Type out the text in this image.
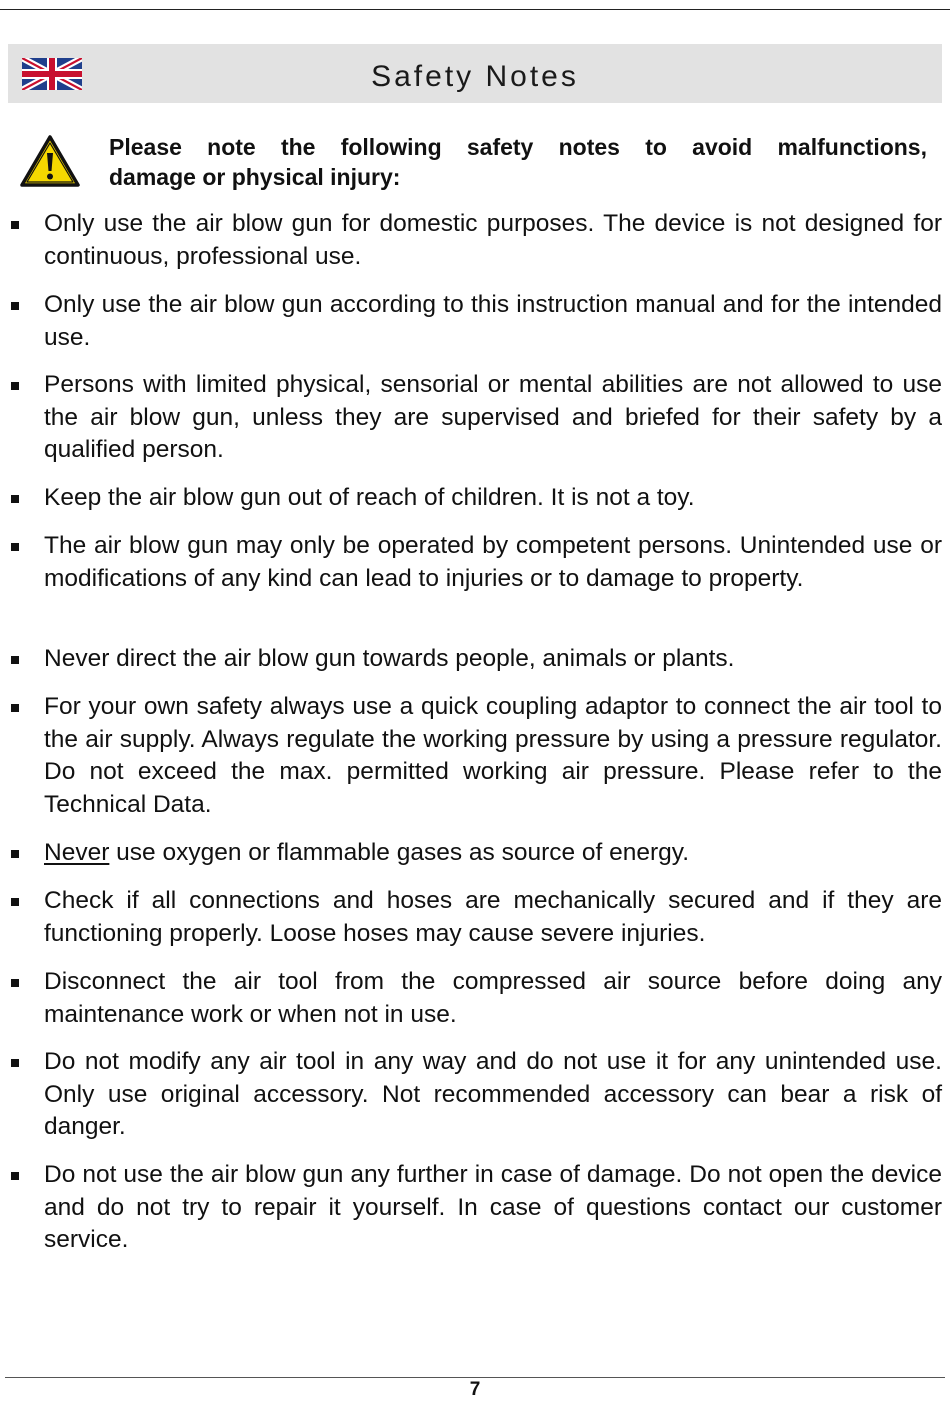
Safety Notes
Please note the following safety notes to avoid malfunctions,
damage or physical injury:
Only use the air blow gun for domestic purposes. The device is not designed for continuous, professional use.
Only use the air blow gun according to this instruction manual and for the intended use.
Persons with limited physical, sensorial or mental abilities are not allowed to use the air blow gun, unless they are supervised and briefed for their safety by a qualified person.
Keep the air blow gun out of reach of children. It is not a toy.
The air blow gun may only be operated by competent persons. Unintended use or modifications of any kind can lead to injuries or to damage to property.
Never direct the air blow gun towards people, animals or plants.
For your own safety always use a quick coupling adaptor to connect the air tool to the air supply. Always regulate the working pressure by using a pressure regulator. Do not exceed the max. permitted working air pressure. Please refer to the Technical Data.
Never use oxygen or flammable gases as source of energy.
Check if all connections and hoses are mechanically secured and if they are functioning properly. Loose hoses may cause severe injuries.
Disconnect the air tool from the compressed air source before doing any maintenance work or when not in use.
Do not modify any air tool in any way and do not use it for any unintended use. Only use original accessory. Not recommended accessory can bear a risk of danger.
Do not use the air blow gun any further in case of damage. Do not open the device and do not try to repair it yourself. In case of questions contact our customer service.
7
